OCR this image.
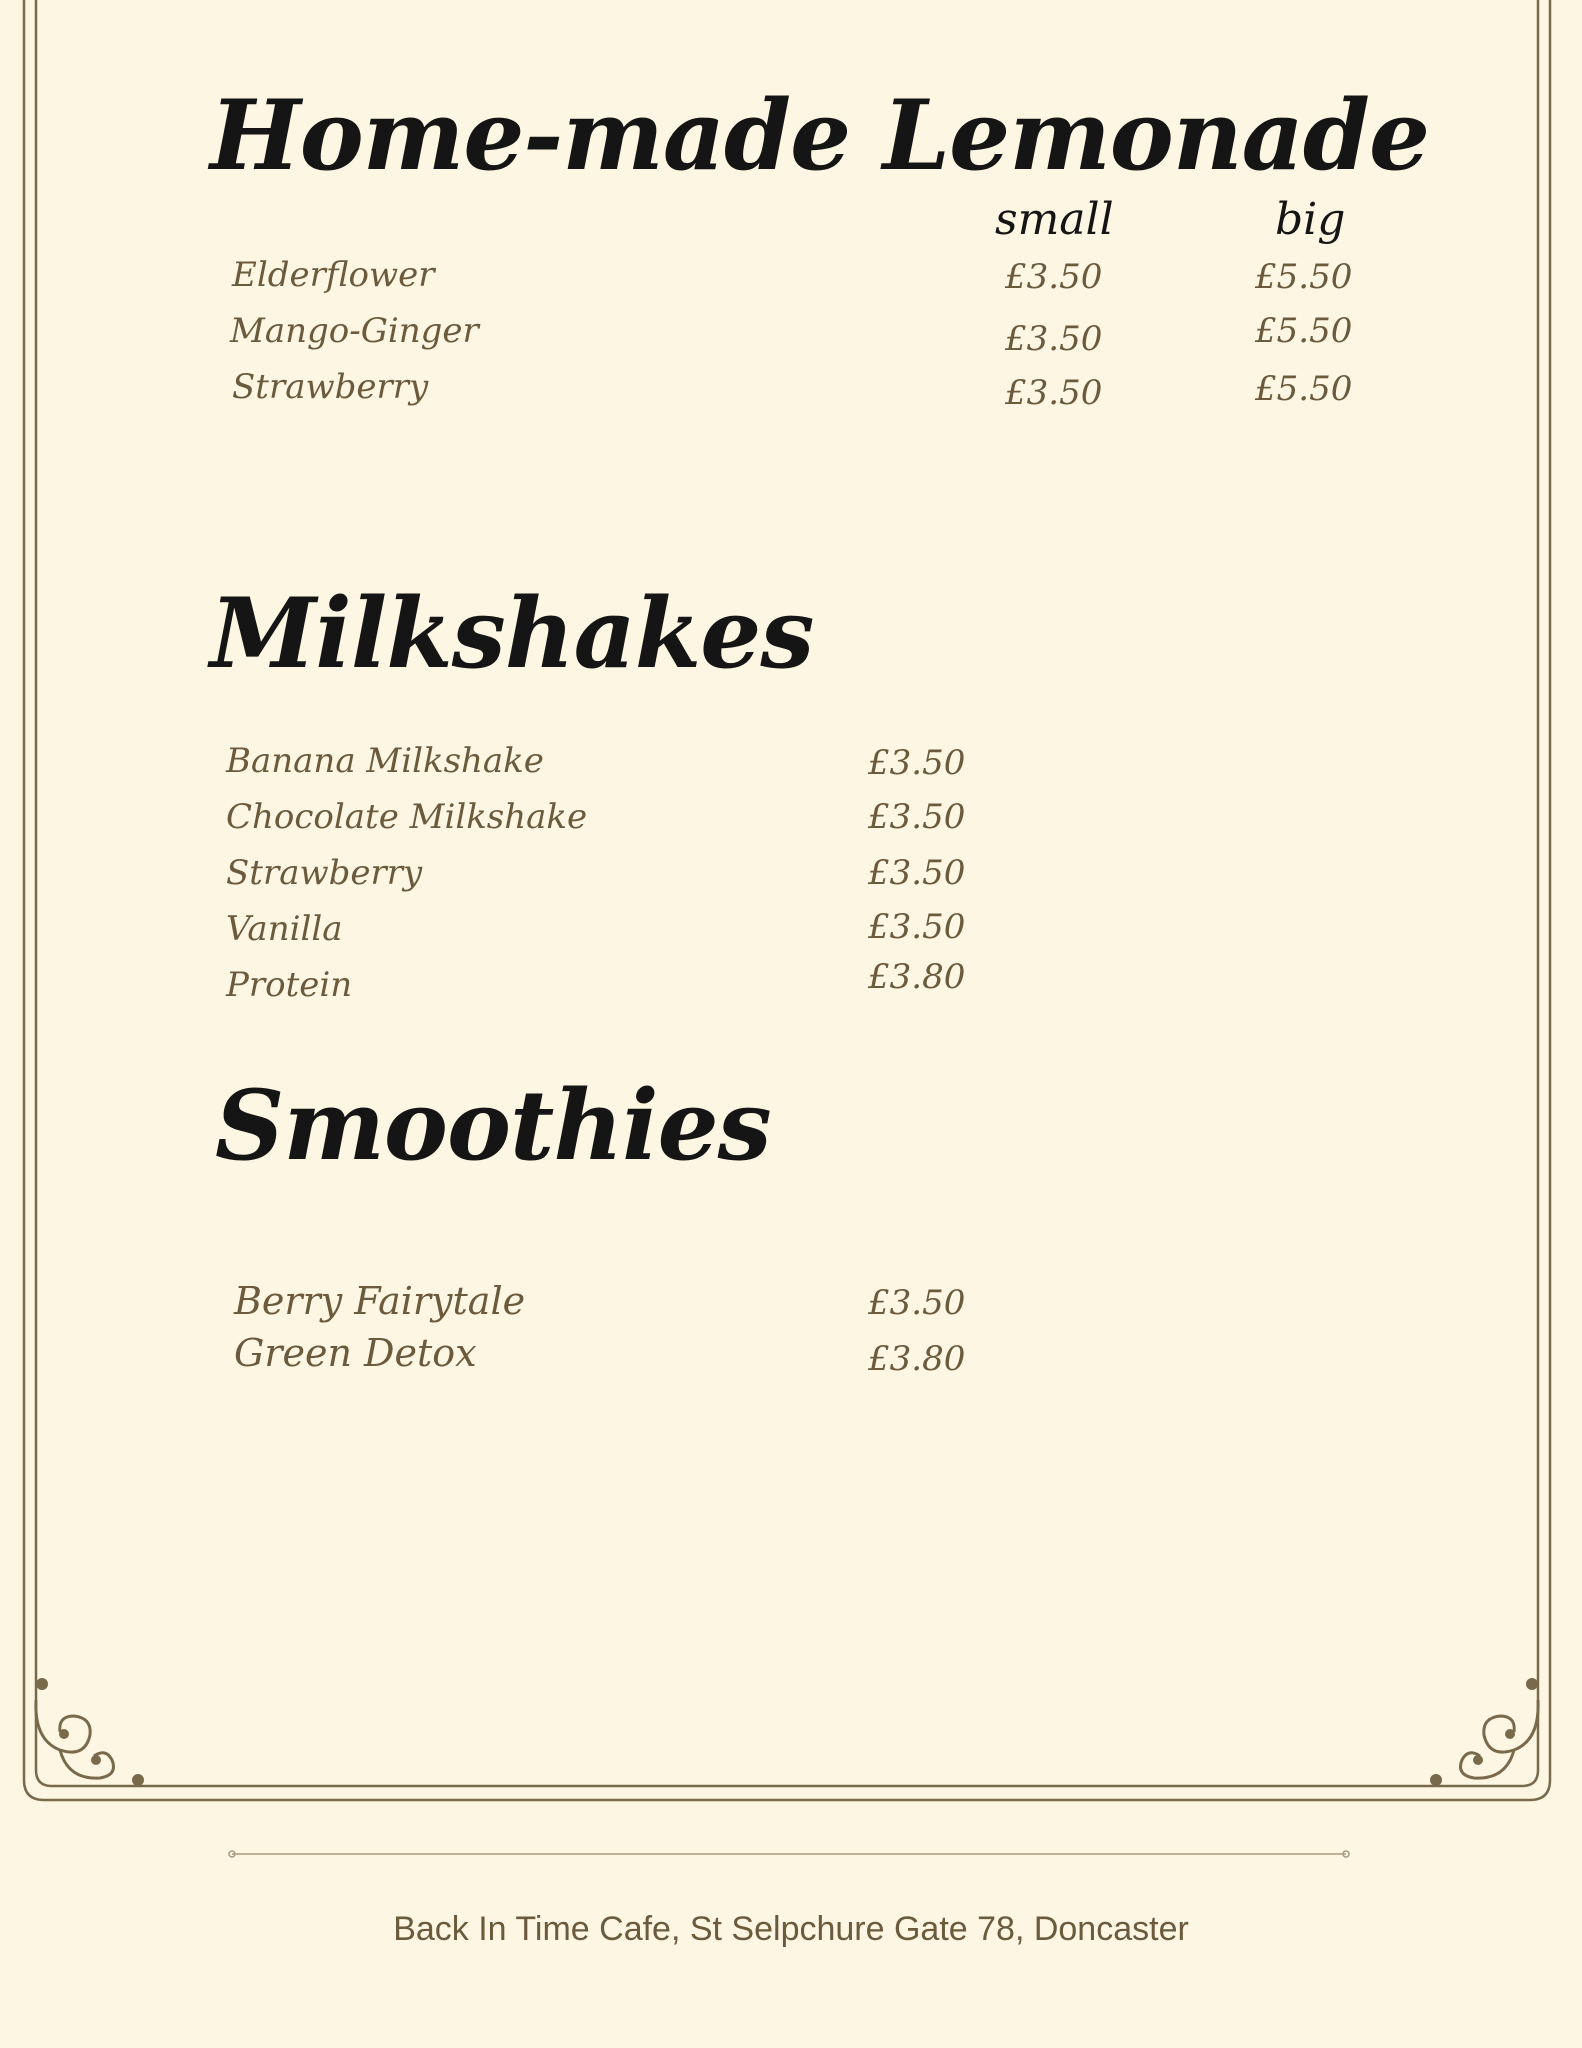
Home-made Lemonade
small	big
Elderflower	£3.50	£5.50
Mango-Ginger	£3.50	£5.50
Strawberry	£3.50	£5.50
Milkshakes
Banana Milkshake	£3.50
Chocolate Milkshake	£3.50
Strawberry	£3.50
Vanilla	£3.50
Protein	£3.80
Smoothies
Berry Fairytale	£3.50
Green Detox	£3.80
Back In Time Cafe, St Selpchure Gate 78, Doncaster
